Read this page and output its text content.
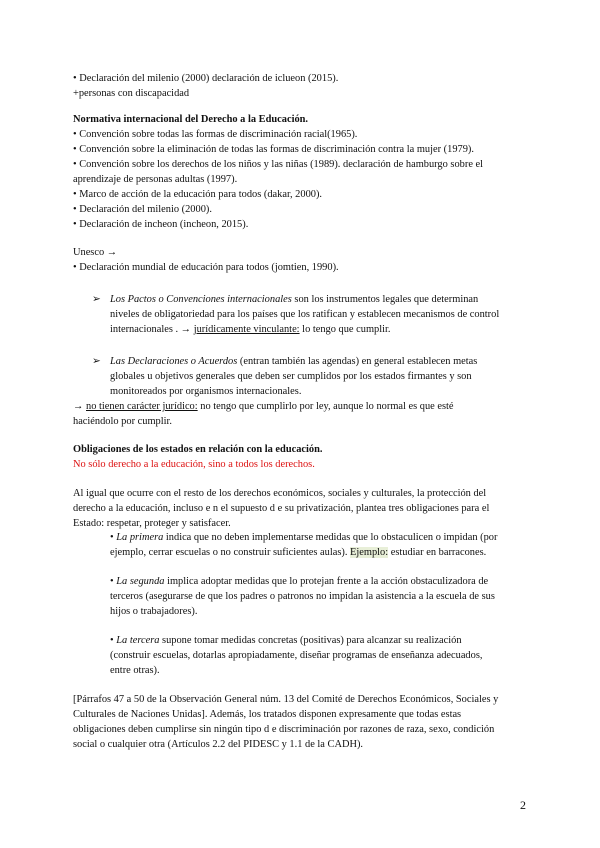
• Declaración del milenio (2000) declaración de iclueon (2015).
+personas con discapacidad
Normativa internacional del Derecho a la Educación.
• Convención sobre todas las formas de discriminación racial(1965).
• Convención sobre la eliminación de todas las formas de discriminación contra la mujer (1979).
• Convención sobre los derechos de los niños y las niñas (1989). declaración de hamburgo sobre el
aprendizaje de personas adultas (1997).
• Marco de acción de la educación para todos (dakar, 2000).
• Declaración del milenio (2000).
• Declaración de incheon (incheon, 2015).
Unesco →
• Declaración mundial de educación para todos (jomtien, 1990).
➢ Los Pactos o Convenciones internacionales son los instrumentos legales que determinan
niveles de obligatoriedad para los países que los ratifican y establecen mecanismos de control
internacionales . → jurídicamente vinculante: lo tengo que cumplir.
➢ Las Declaraciones o Acuerdos (entran también las agendas) en general establecen metas
globales u objetivos generales que deben ser cumplidos por los estados firmantes y son
monitoreados por organismos internacionales.
→ no tienen carácter jurídico: no tengo que cumplirlo por ley, aunque lo normal es que esté
haciéndolo por cumplir.
Obligaciones de los estados en relación con la educación.
No sólo derecho a la educación, sino a todos los derechos.
Al igual que ocurre con el resto de los derechos económicos, sociales y culturales, la protección del
derecho a la educación, incluso e n el supuesto d e su privatización, plantea tres obligaciones para el
Estado: respetar, proteger y satisfacer.
• La primera indica que no deben implementarse medidas que lo obstaculicen o impidan (por
ejemplo, cerrar escuelas o no construir suficientes aulas). Ejemplo: estudiar en barracones.
• La segunda implica adoptar medidas que lo protejan frente a la acción obstaculizadora de
terceros (asegurarse de que los padres o patronos no impidan la asistencia a la escuela de sus
hijos o trabajadores).
• La tercera supone tomar medidas concretas (positivas) para alcanzar su realización
(construir escuelas, dotarlas apropiadamente, diseñar programas de enseñanza adecuados,
entre otras).
[Párrafos 47 a 50 de la Observación General núm. 13 del Comité de Derechos Económicos, Sociales y
Culturales de Naciones Unidas]. Además, los tratados disponen expresamente que todas estas
obligaciones deben cumplirse sin ningún tipo d e discriminación por razones de raza, sexo, condición
social o cualquier otra (Artículos 2.2 del PIDESC y 1.1 de la CADH).
2
